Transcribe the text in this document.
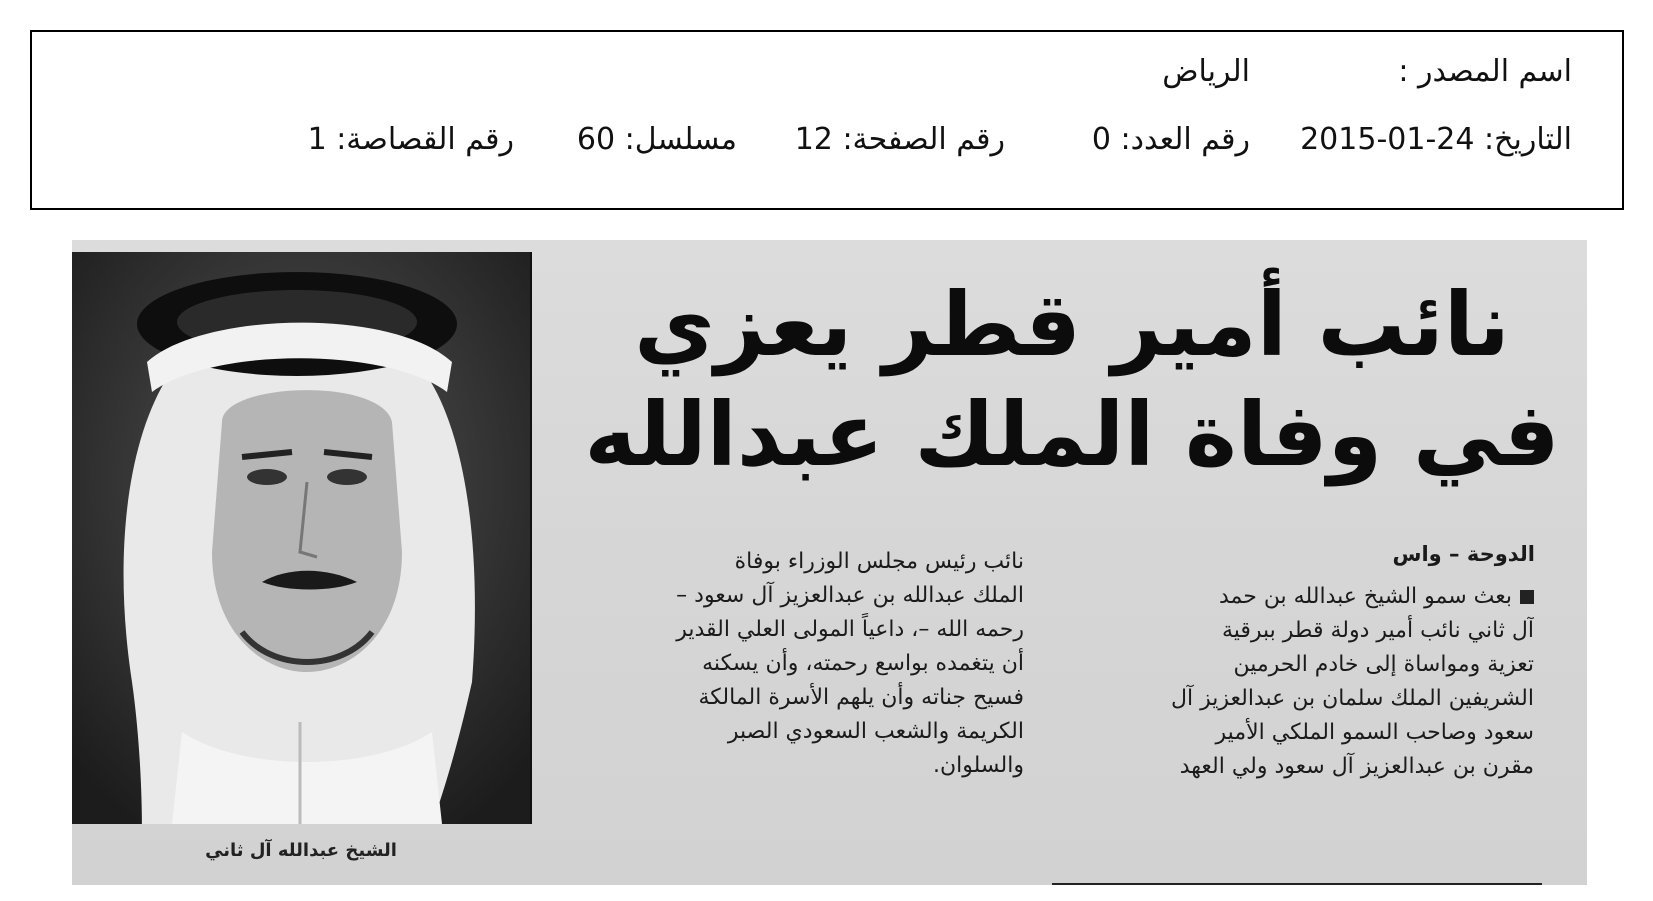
اسم المصدر :
الرياض
التاريخ: 24-01-2015
رقم العدد: 0
رقم الصفحة: 12
مسلسل: 60
رقم القصاصة: 1
الشيخ عبدالله آل ثاني
نائب أمير قطر يعزي
في وفاة الملك عبدالله
الدوحة – واس
بعث سمو الشيخ عبدالله بن حمد
آل ثاني نائب أمير دولة قطر ببرقية
تعزية ومواساة إلى خادم الحرمين
الشريفين الملك سلمان بن عبدالعزيز آل
سعود وصاحب السمو الملكي الأمير
مقرن بن عبدالعزيز آل سعود ولي العهد
نائب رئيس مجلس الوزراء بوفاة
الملك عبدالله بن عبدالعزيز آل سعود –
رحمه الله –، داعياً المولى العلي القدير
أن يتغمده بواسع رحمته، وأن يسكنه
فسيح جناته وأن يلهم الأسرة المالكة
الكريمة والشعب السعودي الصبر
والسلوان.
